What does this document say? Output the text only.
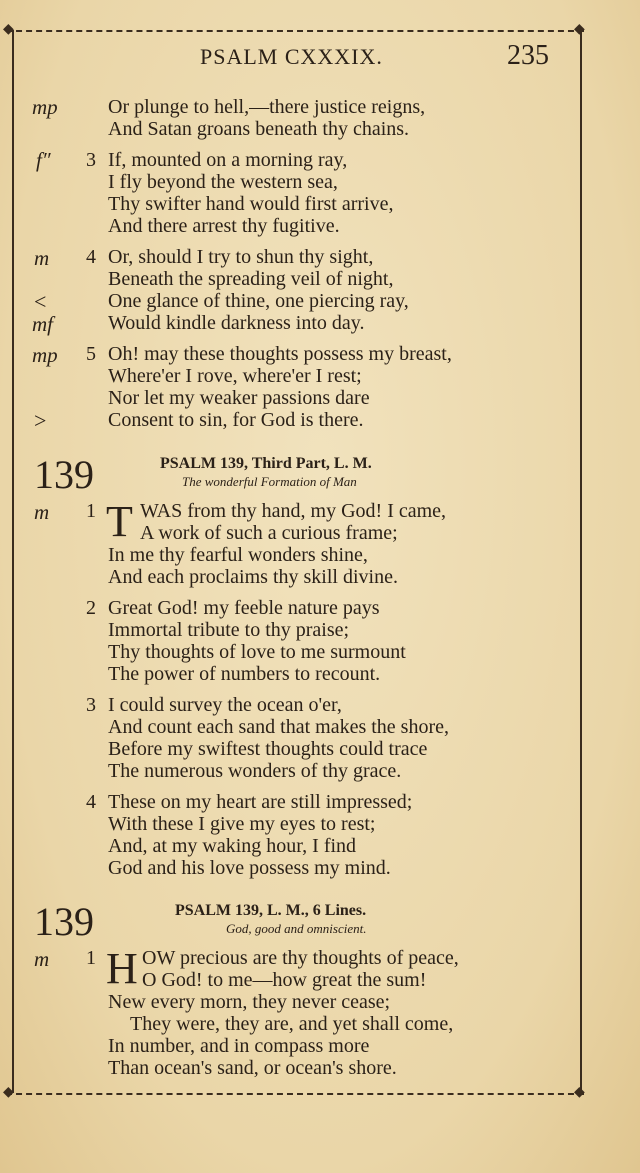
◆	◆
◆	◆
PSALM CXXXIX.	235
mp	Or plunge to hell,—there justice reigns,
And Satan groans beneath thy chains.
f″ 3 If, mounted on a morning ray,
I fly beyond the western sea,
Thy swifter hand would first arrive,
And there arrest thy fugitive.
m 4 Or, should I try to shun thy sight,
Beneath the spreading veil of night,
<	One glance of thine, one piercing ray,
mf	Would kindle darkness into day.
mp 5 Oh! may these thoughts possess my breast,
Where'er I rove, where'er I rest;
Nor let my weaker passions dare
>	Consent to sin, for God is there.
139	PSALM 139, Third Part, L. M.
The wonderful Formation of Man
m 1 T WAS from thy hand, my God! I came,
A work of such a curious frame;
In me thy fearful wonders shine,
And each proclaims thy skill divine.
2 Great God! my feeble nature pays
Immortal tribute to thy praise;
Thy thoughts of love to me surmount
The power of numbers to recount.
3 I could survey the ocean o'er,
And count each sand that makes the shore,
Before my swiftest thoughts could trace
The numerous wonders of thy grace.
4 These on my heart are still impressed;
With these I give my eyes to rest;
And, at my waking hour, I find
God and his love possess my mind.
139	PSALM 139, L. M., 6 Lines.
God, good and omniscient.
m 1 H OW precious are thy thoughts of peace,
O God! to me—how great the sum!
New every morn, they never cease;
They were, they are, and yet shall come,
In number, and in compass more
Than ocean's sand, or ocean's shore.
